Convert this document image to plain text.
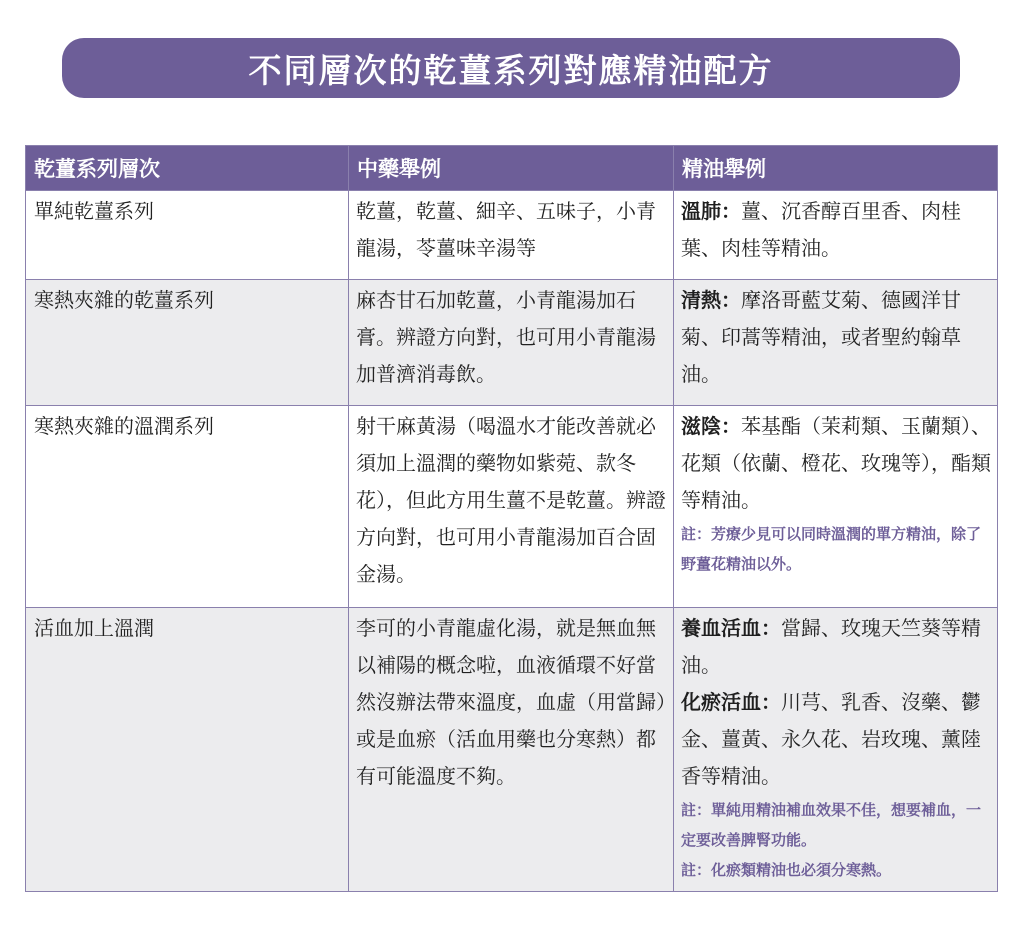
不同層次的乾薑系列對應精油配方
乾薑系列層次	中藥舉例	精油舉例
單純乾薑系列	乾薑，乾薑、細辛、五味子，小青龍湯，苓薑味辛湯等	溫肺：薑、沉香醇百里香、肉桂葉、肉桂等精油。
寒熱夾雜的乾薑系列	麻杏甘石加乾薑，小青龍湯加石膏。辨證方向對，也可用小青龍湯加普濟消毒飲。	清熱：摩洛哥藍艾菊、德國洋甘菊、印蒿等精油，或者聖約翰草油。
寒熱夾雜的溫潤系列	射干麻黃湯（喝溫水才能改善就必須加上溫潤的藥物如紫菀、款冬花），但此方用生薑不是乾薑。辨證方向對，也可用小青龍湯加百合固金湯。	滋陰：苯基酯（茉莉類、玉蘭類）、花類（依蘭、橙花、玫瑰等），酯類等精油。
註：芳療少見可以同時溫潤的單方精油，除了野薑花精油以外。

活血加上溫潤	李可的小青龍虛化湯，就是無血無以補陽的概念啦，血液循環不好當然沒辦法帶來溫度，血虛（用當歸）或是血瘀（活血用藥也分寒熱）都有可能溫度不夠。	養血活血：當歸、玫瑰天竺葵等精油。
化瘀活血：川芎、乳香、沒藥、鬱金、薑黃、永久花、岩玫瑰、薰陸香等精油。
註：單純用精油補血效果不佳，想要補血，一定要改善脾腎功能。
註：化瘀類精油也必須分寒熱。
